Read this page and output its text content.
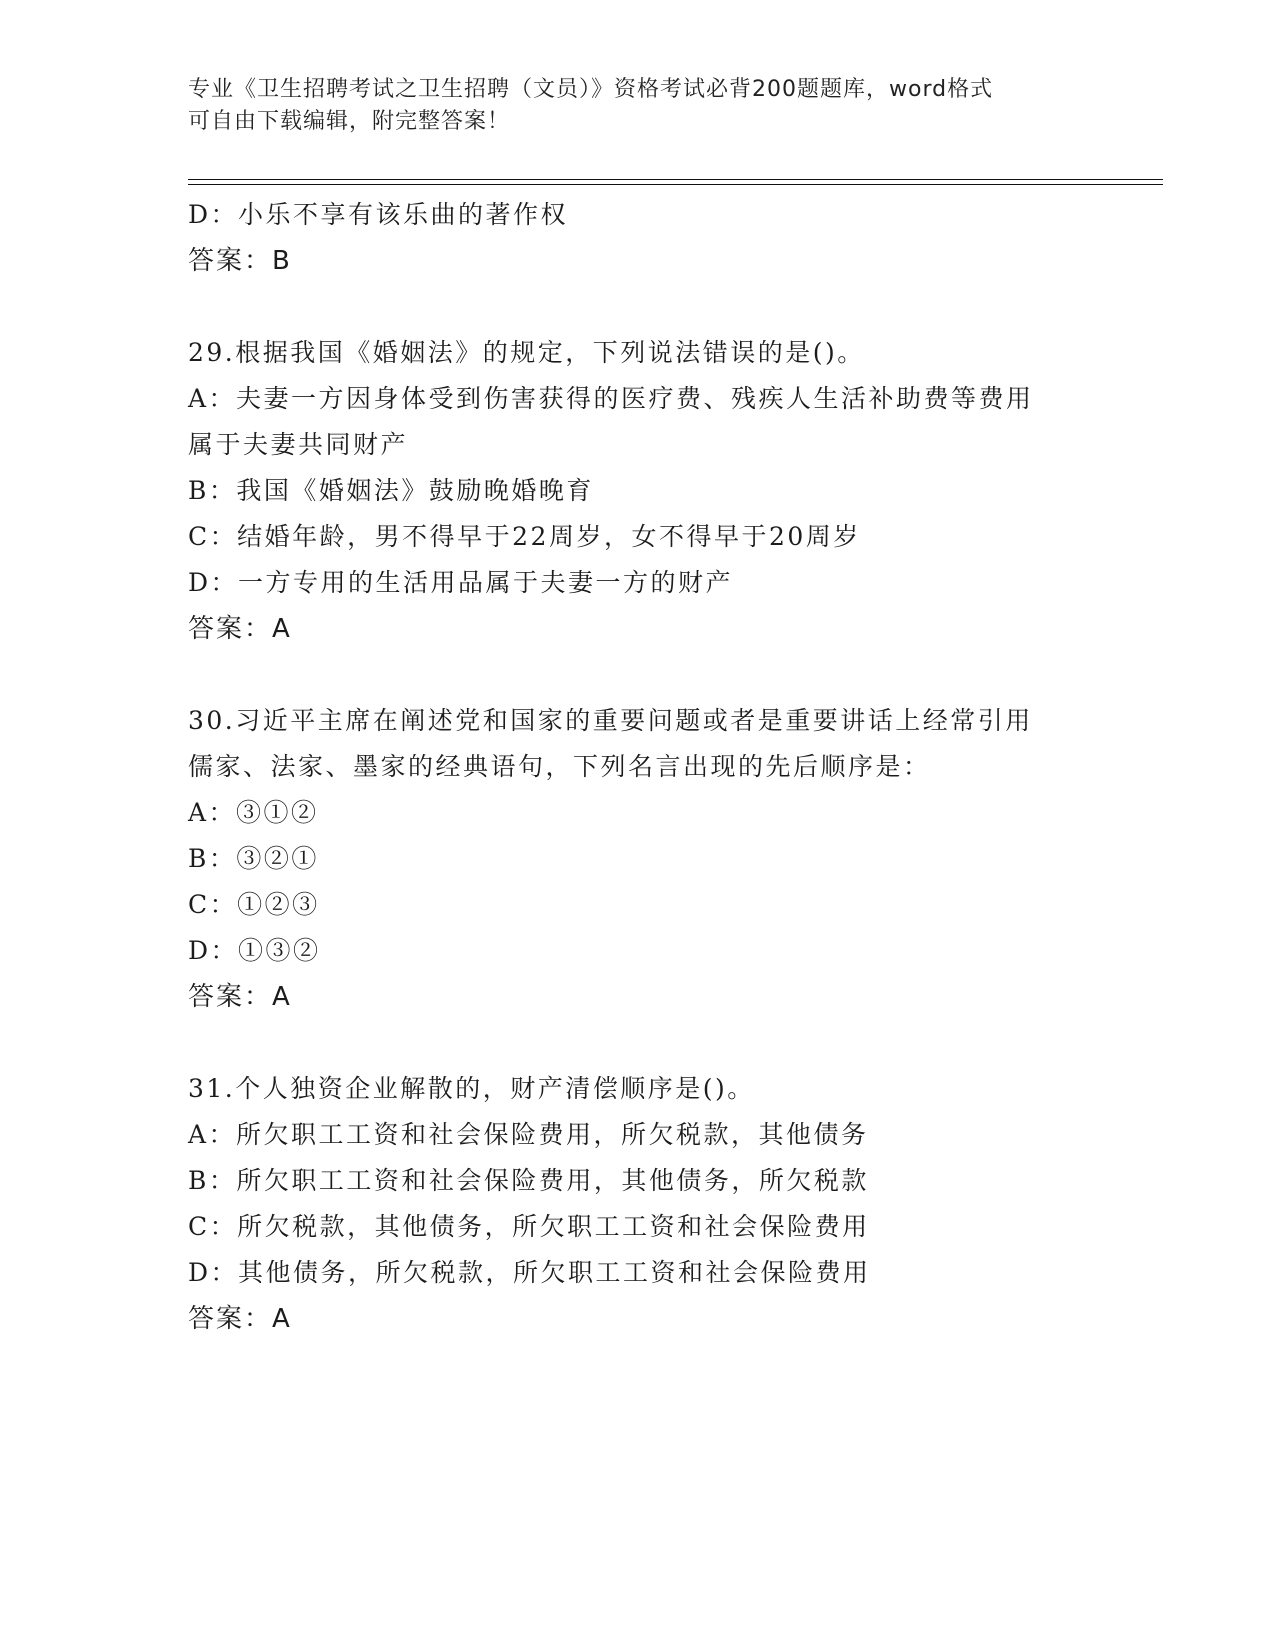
专业《卫生招聘考试之卫生招聘（文员）》资格考试必背200题题库，word格式
可自由下载编辑，附完整答案！
D：小乐不享有该乐曲的著作权
答案：B
29.根据我国《婚姻法》的规定，下列说法错误的是()。
A：夫妻一方因身体受到伤害获得的医疗费、残疾人生活补助费等费用
属于夫妻共同财产
B：我国《婚姻法》鼓励晚婚晚育
C：结婚年龄，男不得早于22周岁，女不得早于20周岁
D：一方专用的生活用品属于夫妻一方的财产
答案：A
30.习近平主席在阐述党和国家的重要问题或者是重要讲话上经常引用
儒家、法家、墨家的经典语句，下列名言出现的先后顺序是：
A：③①②
B：③②①
C：①②③
D：①③②
答案：A
31.个人独资企业解散的，财产清偿顺序是()。
A：所欠职工工资和社会保险费用，所欠税款，其他债务
B：所欠职工工资和社会保险费用，其他债务，所欠税款
C：所欠税款，其他债务，所欠职工工资和社会保险费用
D：其他债务，所欠税款，所欠职工工资和社会保险费用
答案：A
